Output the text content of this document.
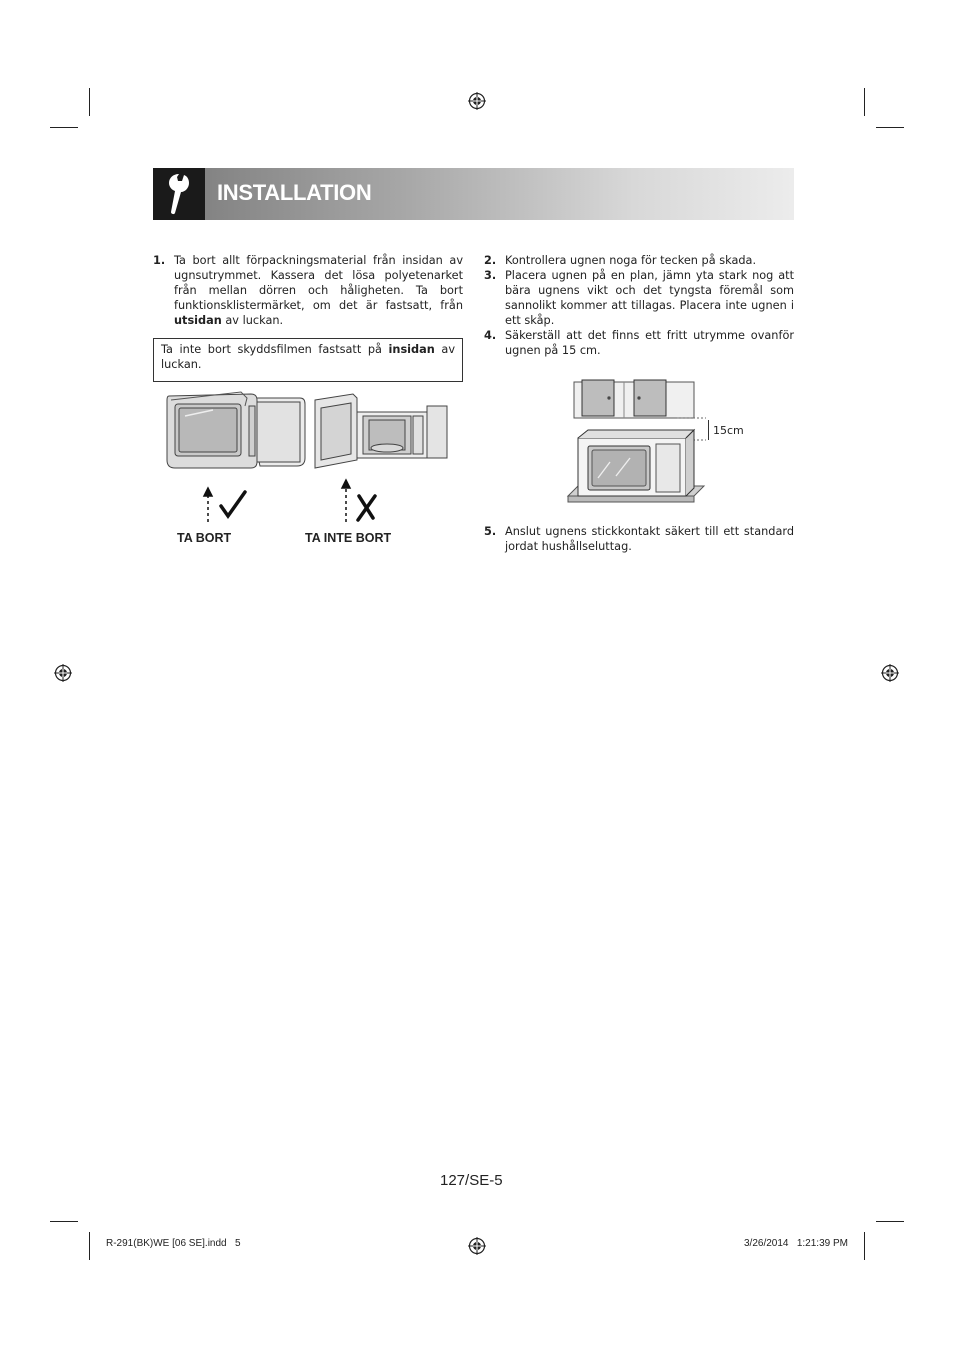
INSTALLATION
1. Ta bort allt förpackningsmaterial från insidan av
ugnsutrymmet. Kassera det lösa polyetenarket
från mellan dörren och håligheten. Ta bort
funktionsklistermärket, om det är fastsatt, från
utsidan av luckan.
Ta inte bort skyddsfilmen fastsatt på insidan av luckan.
TA BORT	TA INTE BORT
2. Kontrollera ugnen noga för tecken på skada.
3. Placera ugnen på en plan, jämn yta stark nog att bära ugnens vikt och det tyngsta föremål som sannolikt kommer att tillagas. Placera inte ugnen i ett skåp.
4. Säkerställ att det finns ett fritt utrymme ovanför ugnen på 15 cm.
15cm
5. Anslut ugnens stickkontakt säkert till ett standard jordat hushållseluttag.
127/SE-5
R-291(BK)WE [06 SE].indd   5	3/26/2014   1:21:39 PM
